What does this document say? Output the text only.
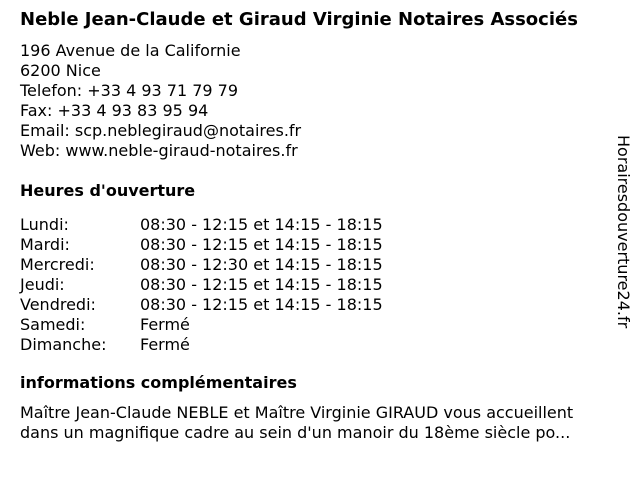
Neble Jean-Claude et Giraud Virginie Notaires Associés
196 Avenue de la Californie
6200 Nice
Telefon: +33 4 93 71 79 79
Fax: +33 4 93 83 95 94
Email: scp.neblegiraud@notaires.fr
Web: www.neble-giraud-notaires.fr
Heures d'ouverture
Lundi:	08:30 - 12:15 et 14:15 - 18:15
Mardi:	08:30 - 12:15 et 14:15 - 18:15
Mercredi:	08:30 - 12:30 et 14:15 - 18:15
Jeudi:	08:30 - 12:15 et 14:15 - 18:15
Vendredi:	08:30 - 12:15 et 14:15 - 18:15
Samedi:	Fermé
Dimanche:	Fermé
informations complémentaires
Maître Jean-Claude NEBLE et Maître Virginie GIRAUD vous accueillent
dans un magnifique cadre au sein d'un manoir du 18ème siècle po...
Horairesdouverture24.fr
